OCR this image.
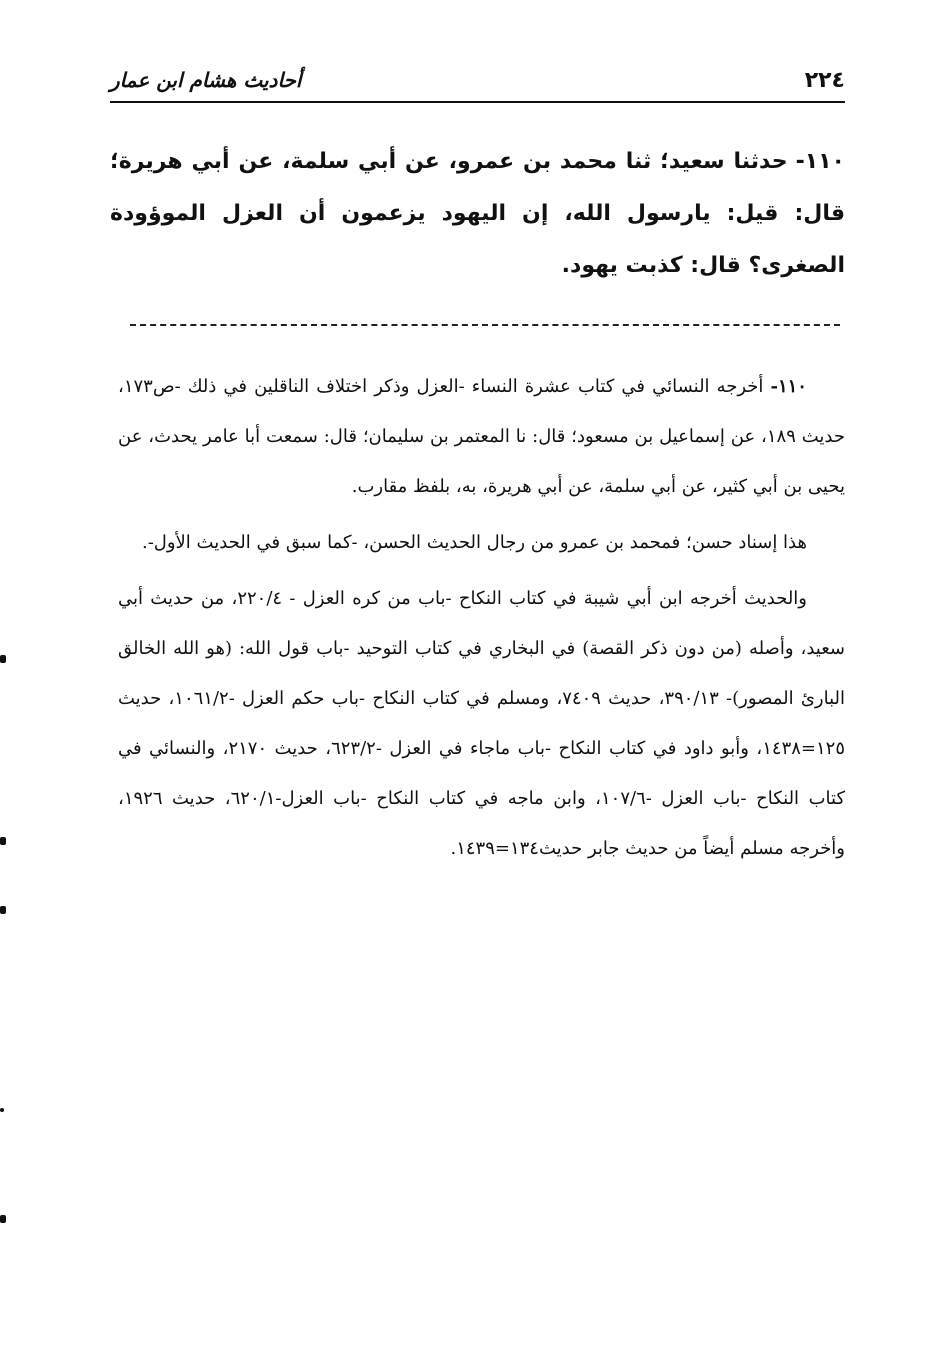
٢٢٤
أحاديث هشام ابن عمار
١١٠-حدثنا سعيد؛ ثنا محمد بن عمرو، عن أبي سلمة، عن أبي هريرة؛ قال: قيل: يارسول الله، إن اليهود يزعمون أن العزل الموؤودة الصغرى؟ قال: كذبت يهود.

١١٠- أخرجه النسائي في كتاب عشرة النساء -العزل وذكر اختلاف الناقلين في ذلك -ص١٧٣، حديث ١٨٩، عن إسماعيل بن مسعود؛ قال: نا المعتمر بن سليمان؛ قال: سمعت أبا عامر يحدث، عن يحيى بن أبي كثير، عن أبي سلمة، عن أبي هريرة، به، بلفظ مقارب.

هذا إسناد حسن؛ فمحمد بن عمرو من رجال الحديث الحسن، -كما سبق في الحديث الأول-.

والحديث أخرجه ابن أبي شيبة في كتاب النكاح -باب من كره العزل - ٢٢٠/٤، من حديث أبي سعيد، وأصله (من دون ذكر القصة) في البخاري في كتاب التوحيد -باب قول الله: (هو الله الخالق البارئ المصور)- ٣٩٠/١٣، حديث ٧٤٠٩، ومسلم في كتاب النكاح -باب حكم العزل -١٠٦١/٢، حديث ١٢٥=١٤٣٨، وأبو داود في كتاب النكاح -باب ماجاء في العزل -٦٢٣/٢، حديث ٢١٧٠، والنسائي في كتاب النكاح -باب العزل -١٠٧/٦، وابن ماجه في كتاب النكاح -باب العزل-٦٢٠/١، حديث ١٩٢٦، وأخرجه مسلم أيضاً من حديث جابر حديث١٣٤=١٤٣٩.
